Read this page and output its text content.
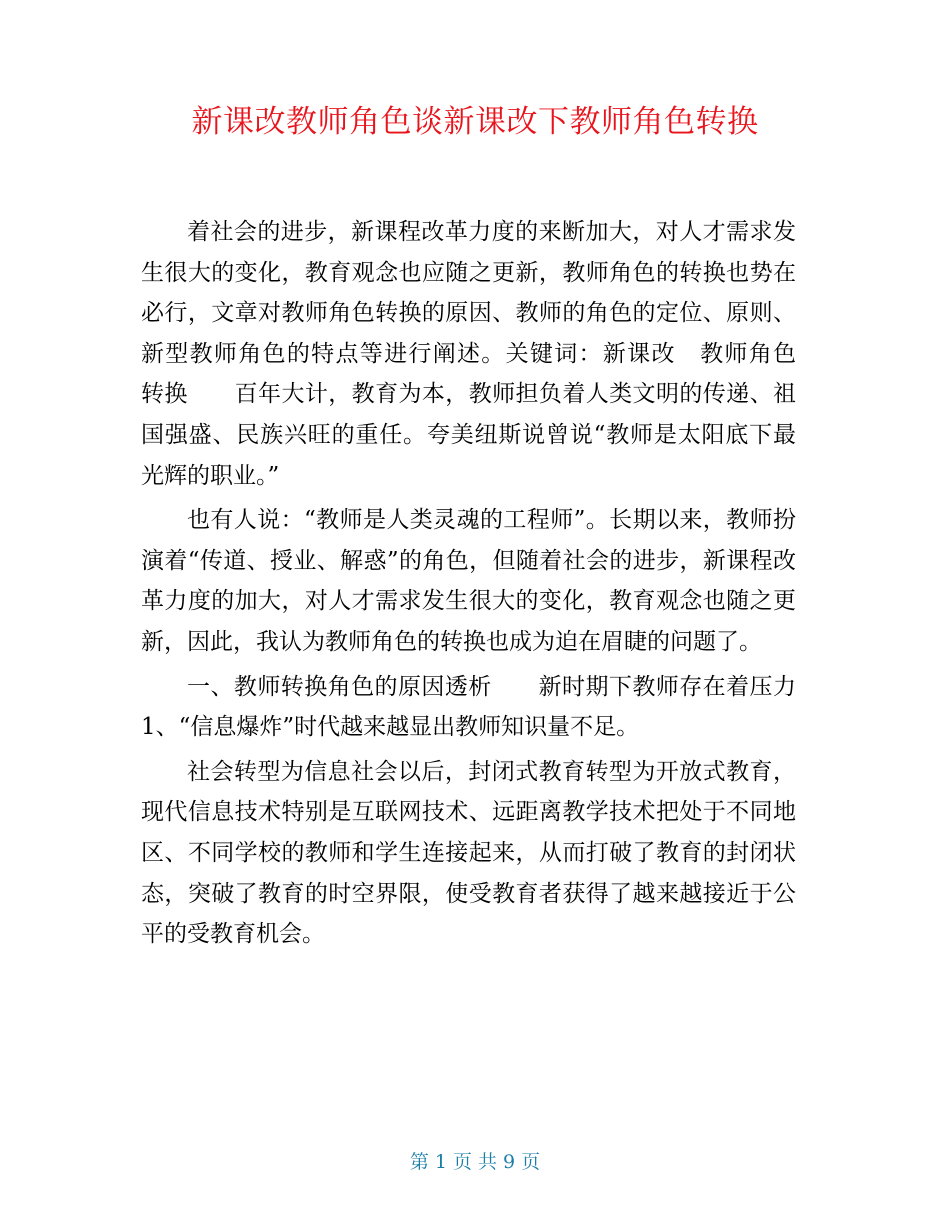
新课改教师角色谈新课改下教师角色转换

着社会的进步，新课程改革力度的来断加大，对人才需求发生很大的变化，教育观念也应随之更新，教师角色的转换也势在必行，文章对教师角色转换的原因、教师的角色的定位、原则、新型教师角色的特点等进行阐述。关键词：新课改　教师角色　转换　　百年大计，教育为本，教师担负着人类文明的传递、祖国强盛、民族兴旺的重任。夸美纽斯说曾说“教师是太阳底下最光辉的职业。”

也有人说：“教师是人类灵魂的工程师”。长期以来，教师扮演着“传道、授业、解惑”的角色，但随着社会的进步，新课程改革力度的加大，对人才需求发生很大的变化，教育观念也随之更新，因此，我认为教师角色的转换也成为迫在眉睫的问题了。

一、教师转换角色的原因透析　　新时期下教师存在着压力1、“信息爆炸”时代越来越显出教师知识量不足。

社会转型为信息社会以后，封闭式教育转型为开放式教育，现代信息技术特别是互联网技术、远距离教学技术把处于不同地区、不同学校的教师和学生连接起来，从而打破了教育的封闭状态，突破了教育的时空界限，使受教育者获得了越来越接近于公平的受教育机会。

第 1 页 共 9 页
